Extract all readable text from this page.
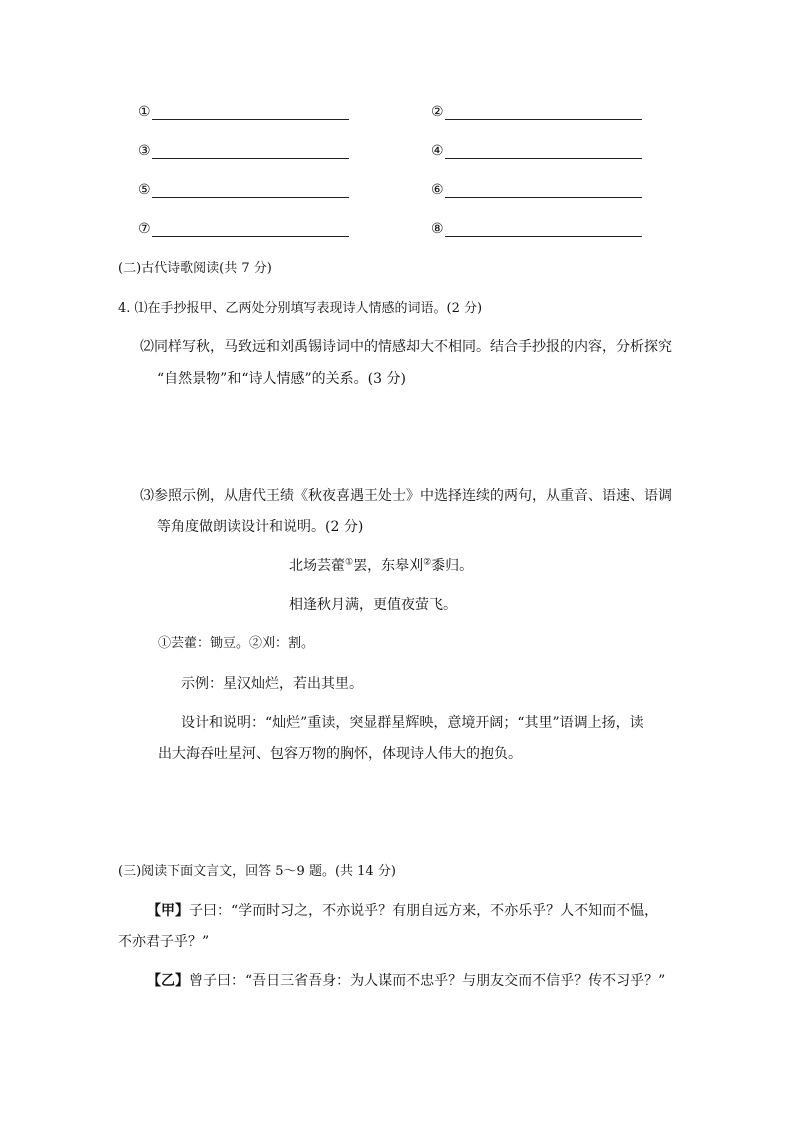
①	②
③	④
⑤	⑥
⑦	⑧
(二)古代诗歌阅读(共 7 分)
4. ⑴在手抄报甲、乙两处分别填写表现诗人情感的词语。(2 分)
⑵同样写秋，马致远和刘禹锡诗词中的情感却大不相同。结合手抄报的内容，分析探究
“自然景物”和“诗人情感”的关系。(3 分)
⑶参照示例，从唐代王绩《秋夜喜遇王处士》中选择连续的两句，从重音、语速、语调
等角度做朗读设计和说明。(2 分)
北场芸藿①罢，东皋刈②黍归。
相逢秋月满，更值夜萤飞。
①芸藿：锄豆。②刈：割。
示例：星汉灿烂，若出其里。
设计和说明：“灿烂”重读，突显群星辉映，意境开阔；“其里”语调上扬，读
出大海吞吐星河、包容万物的胸怀，体现诗人伟大的抱负。
(三)阅读下面文言文，回答 5～9 题。(共 14 分)
【甲】子曰：“学而时习之，不亦说乎？有朋自远方来，不亦乐乎？人不知而不愠，
不亦君子乎？”
【乙】曾子曰：“吾日三省吾身：为人谋而不忠乎？与朋友交而不信乎？传不习乎？”
